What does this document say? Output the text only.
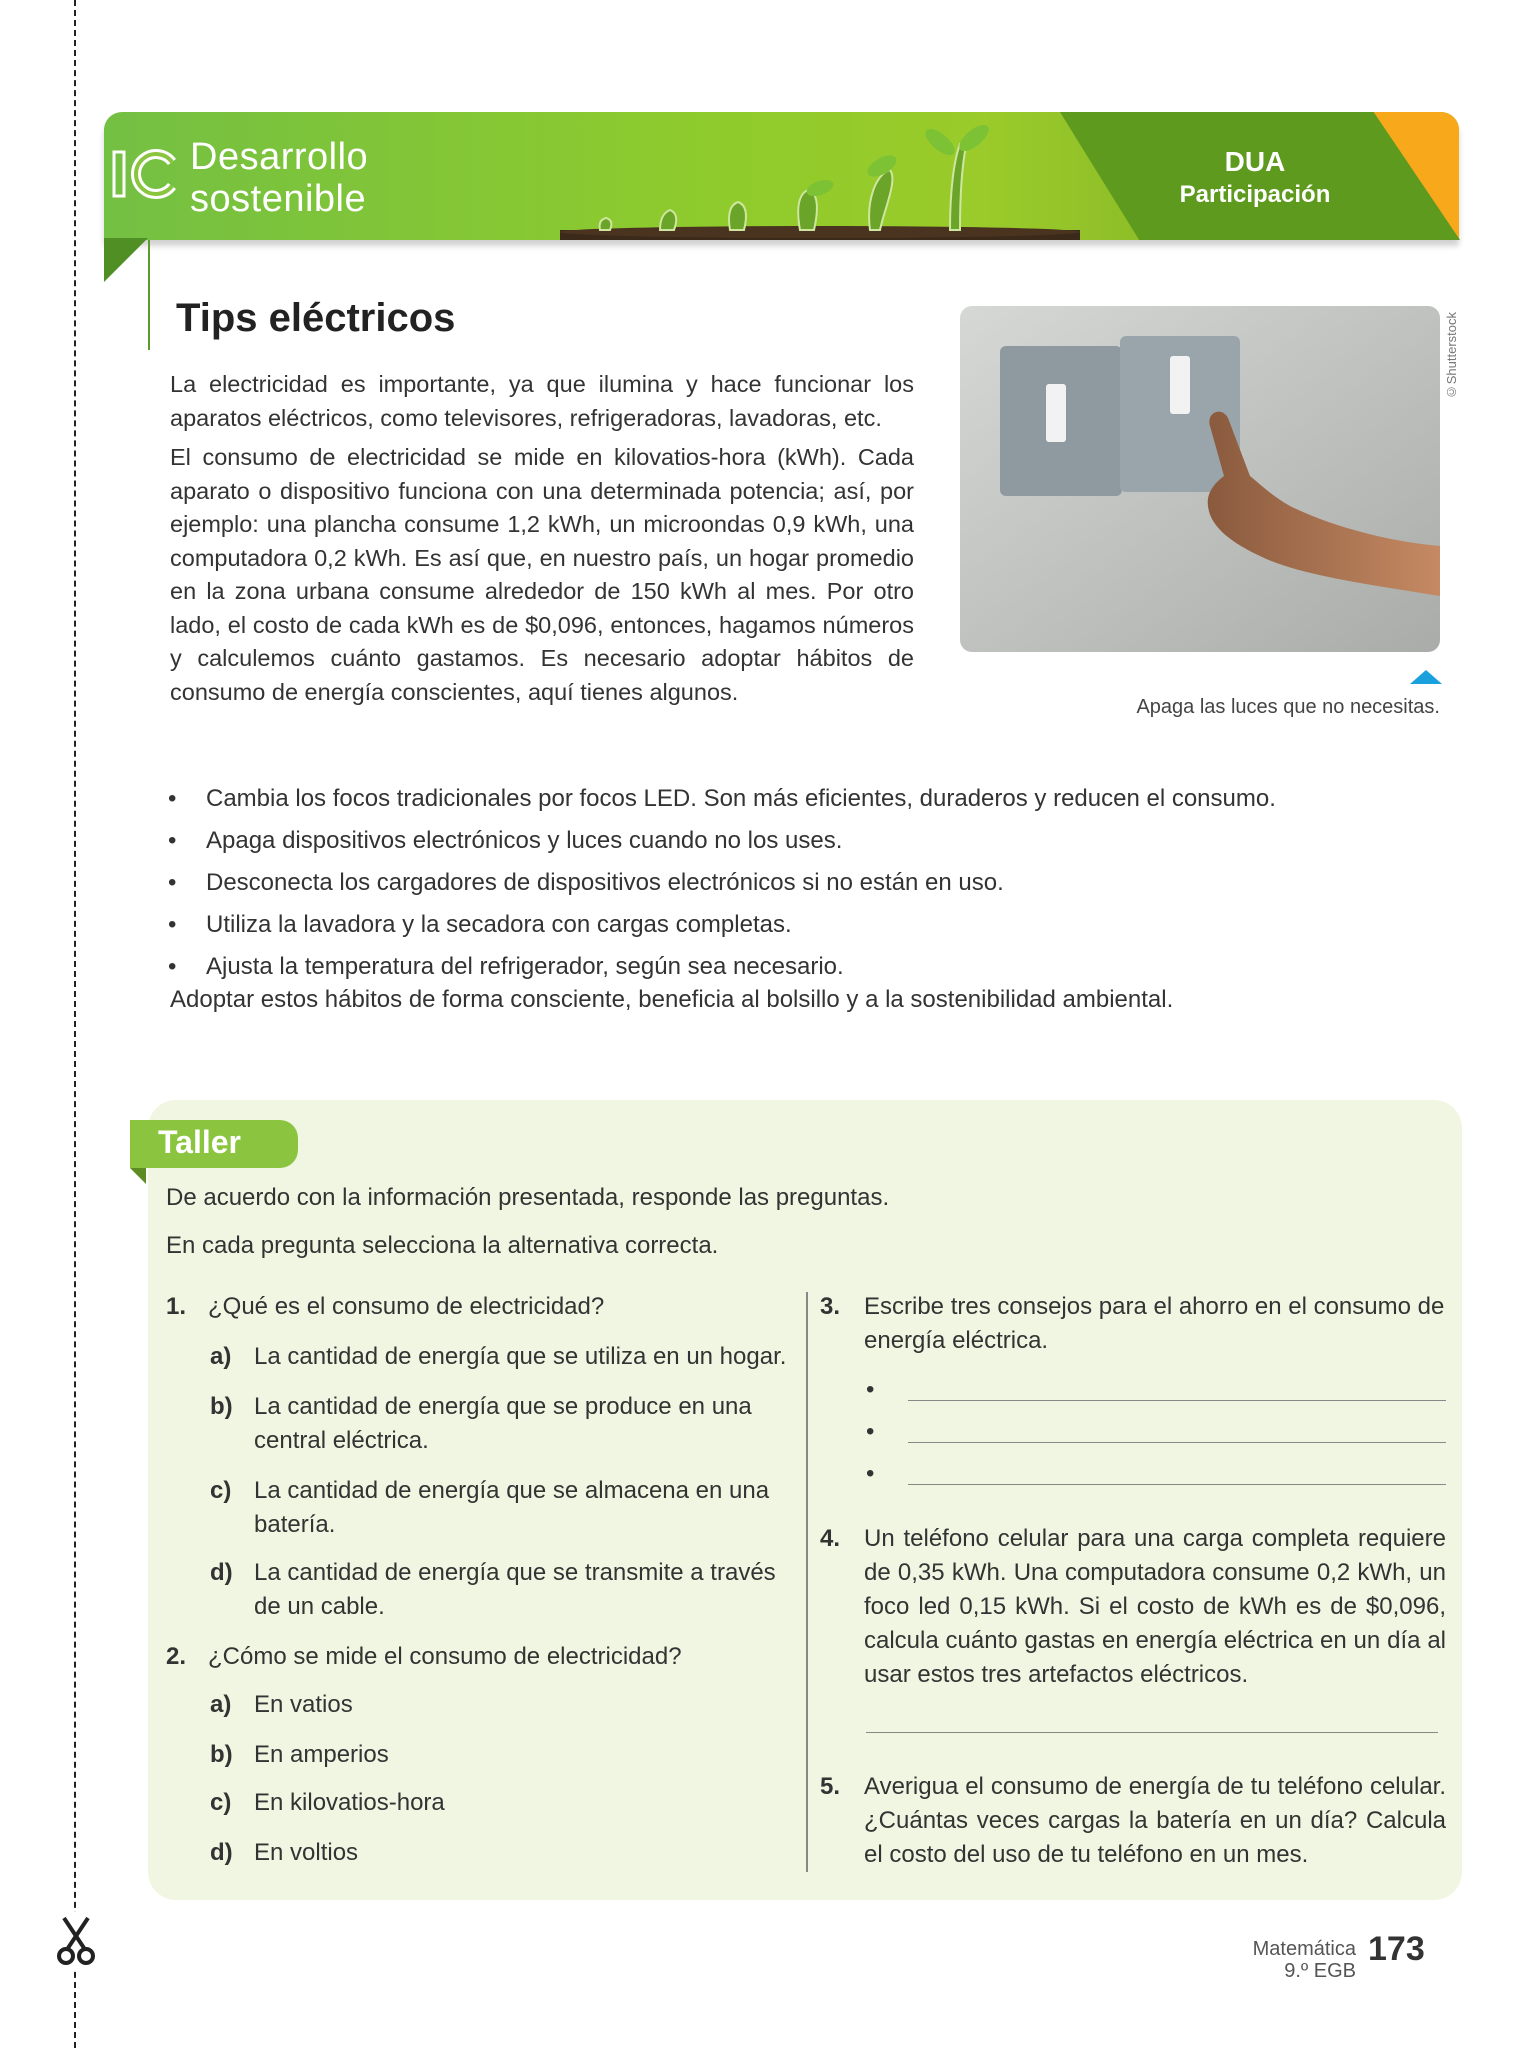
Desarrollo
sostenible
DUA
Participación
Tips eléctricos

La electricidad es importante, ya que ilumina y hace funcionar los aparatos eléctricos, como televisores, refrigeradoras, lavadoras, etc.

El consumo de electricidad se mide en kilovatios-hora (kWh). Cada aparato o dispositivo funciona con una determinada potencia; así, por ejemplo: una plancha consume 1,2 kWh, un microondas 0,9 kWh, una computadora 0,2 kWh. Es así que, en nuestro país, un hogar promedio en la zona urbana consume alrededor de 150 kWh al mes. Por otro lado, el costo de cada kWh es de $0,096, entonces, hagamos números y calculemos cuánto gastamos. Es necesario adoptar hábitos de consumo de energía conscientes, aquí tienes algunos.

©Shutterstock
Apaga las luces que no necesitas.
• Cambia los focos tradicionales por focos LED. Son más eficientes, duraderos y reducen el consumo.
• Apaga dispositivos electrónicos y luces cuando no los uses.
• Desconecta los cargadores de dispositivos electrónicos si no están en uso.
• Utiliza la lavadora y la secadora con cargas completas.
• Ajusta la temperatura del refrigerador, según sea necesario.
Adoptar estos hábitos de forma consciente, beneficia al bolsillo y a la sostenibilidad ambiental.
Taller
De acuerdo con la información presentada, responde las preguntas.
En cada pregunta selecciona la alternativa correcta.
1. ¿Qué es el consumo de electricidad?
a) La cantidad de energía que se utiliza en un hogar.
b) La cantidad de energía que se produce en una central eléctrica.
c) La cantidad de energía que se almacena en una batería.
d) La cantidad de energía que se transmite a través de un cable.
2. ¿Cómo se mide el consumo de electricidad?
a) En vatios
b) En amperios
c) En kilovatios-hora
d) En voltios
3. Escribe tres consejos para el ahorro en el consumo de energía eléctrica.
•
•
•
4. Un teléfono celular para una carga completa requiere de 0,35 kWh. Una computadora consume 0,2 kWh, un foco led 0,15 kWh. Si el costo de kWh es de $0,096, calcula cuánto gastas en energía eléctrica en un día al usar estos tres artefactos eléctricos.
5. Averigua el consumo de energía de tu teléfono celular. ¿Cuántas veces cargas la batería en un día? Calcula el costo del uso de tu teléfono en un mes.
Matemática
9.º EGB
173
